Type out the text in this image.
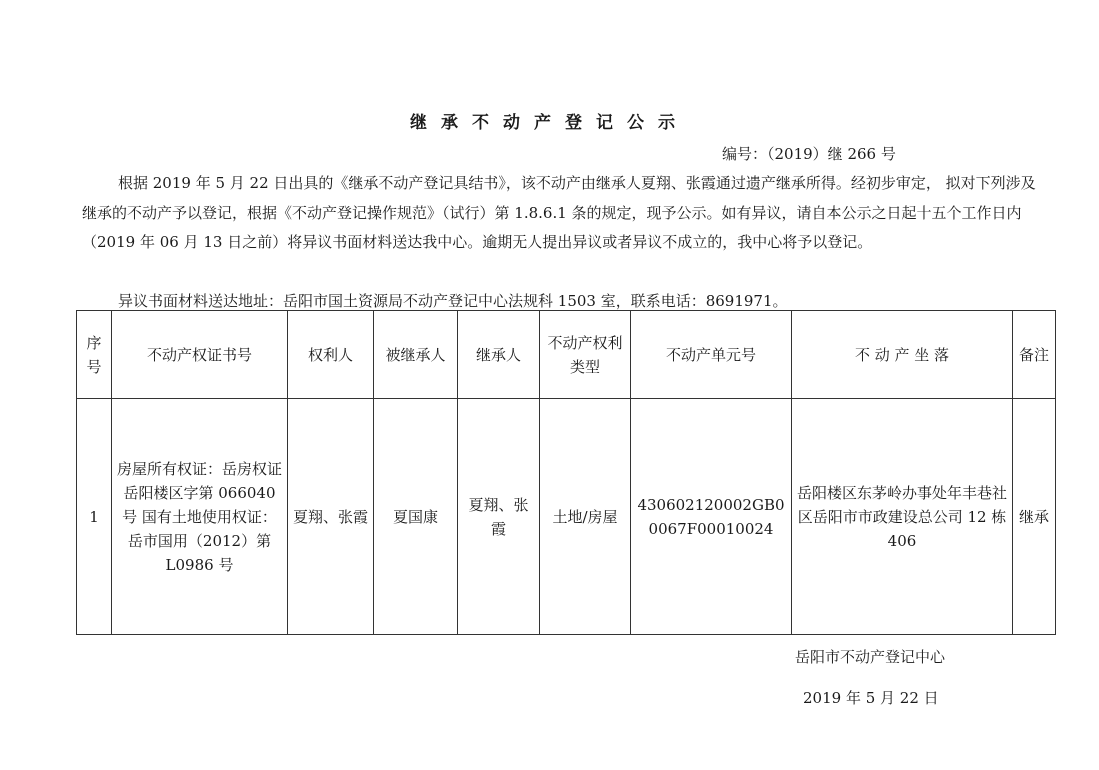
继承不动产登记公示
编号：（2019）继 266 号
根据 2019 年 5 月 22 日出具的《继承不动产登记具结书》，该不动产由继承人夏翔、张霞通过遗产继承所得。经初步审定， 拟对下列涉及继承的不动产予以登记，根据《不动产登记操作规范》（试行）第 1.8.6.1 条的规定，现予公示。如有异议，请自本公示之日起十五个工作日内（2019 年 06 月 13 日之前）将异议书面材料送达我中心。逾期无人提出异议或者异议不成立的，我中心将予以登记。
异议书面材料送达地址：岳阳市国土资源局不动产登记中心法规科 1503 室，联系电话：8691971。
序号	不动产权证书号	权利人	被继承人	继承人	不动产权利类型	不动产单元号	不 动 产 坐 落	备注
1	房屋所有权证：岳房权证岳阳楼区字第 066040 号 国有土地使用权证：岳市国用（2012）第 L0986 号	夏翔、张霞	夏国康	夏翔、张霞	土地/房屋	430602120002GB00067F00010024	岳阳楼区东茅岭办事处年丰巷社区岳阳市市政建设总公司 12 栋 406	继承
岳阳市不动产登记中心
2019 年 5 月 22 日
